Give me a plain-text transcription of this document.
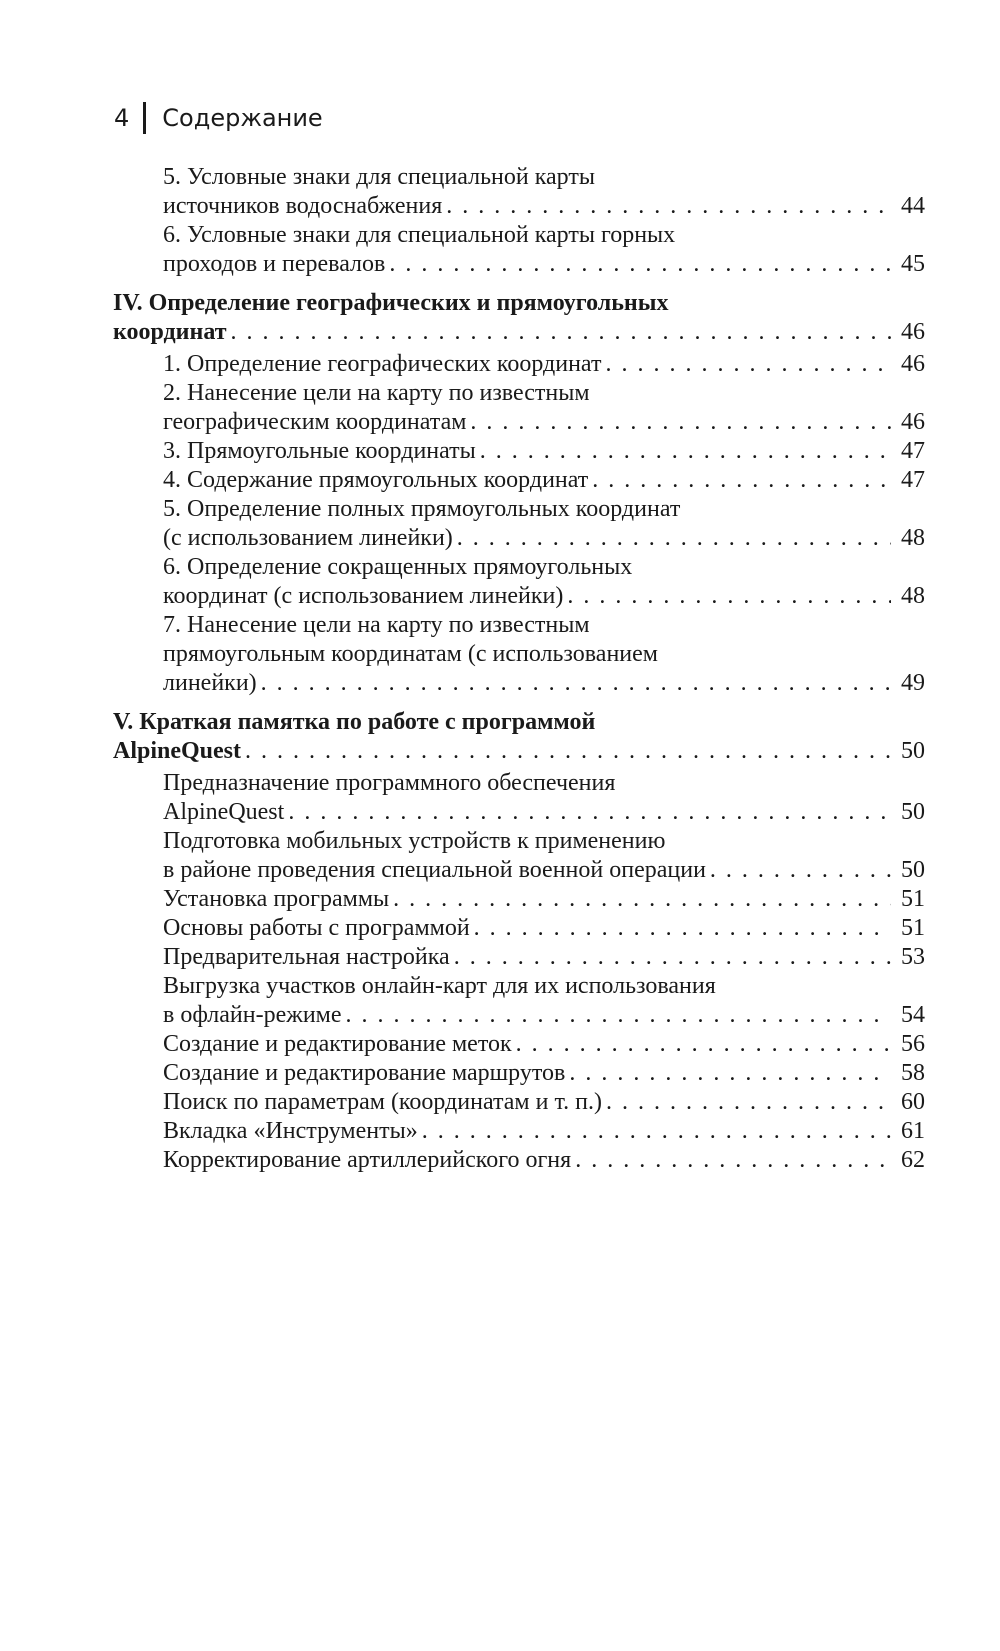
4 Содержание
5. Условные знаки для специальной карты
источников водоснабжения . . .	44
6. Условные знаки для специальной карты горных
проходов и перевалов . . .	45
IV. Определение географических и прямоугольных
координат . . .	46
1. Определение географических координат . . .	46
2. Нанесение цели на карту по известным
географическим координатам . . .	46
3. Прямоугольные координаты . . .	47
4. Содержание прямоугольных координат . . .	47
5. Определение полных прямоугольных координат
(с использованием линейки) . . .	48
6. Определение сокращенных прямоугольных
координат (с использованием линейки) . . .	48
7. Нанесение цели на карту по известным
прямоугольным координатам (с использованием
линейки) . . .	49
V. Краткая памятка по работе с программой
AlpineQuest . . .	50
Предназначение программного обеспечения
AlpineQuest . . .	50
Подготовка мобильных устройств к применению
в районе проведения специальной военной операции . . .	50
Установка программы . . .	51
Основы работы с программой . . .	51
Предварительная настройка . . .	53
Выгрузка участков онлайн-карт для их использования
в офлайн-режиме . . .	54
Создание и редактирование меток . . .	56
Создание и редактирование маршрутов . . .	58
Поиск по параметрам (координатам и т. п.) . . .	60
Вкладка «Инструменты» . . .	61
Корректирование артиллерийского огня . . .	62
